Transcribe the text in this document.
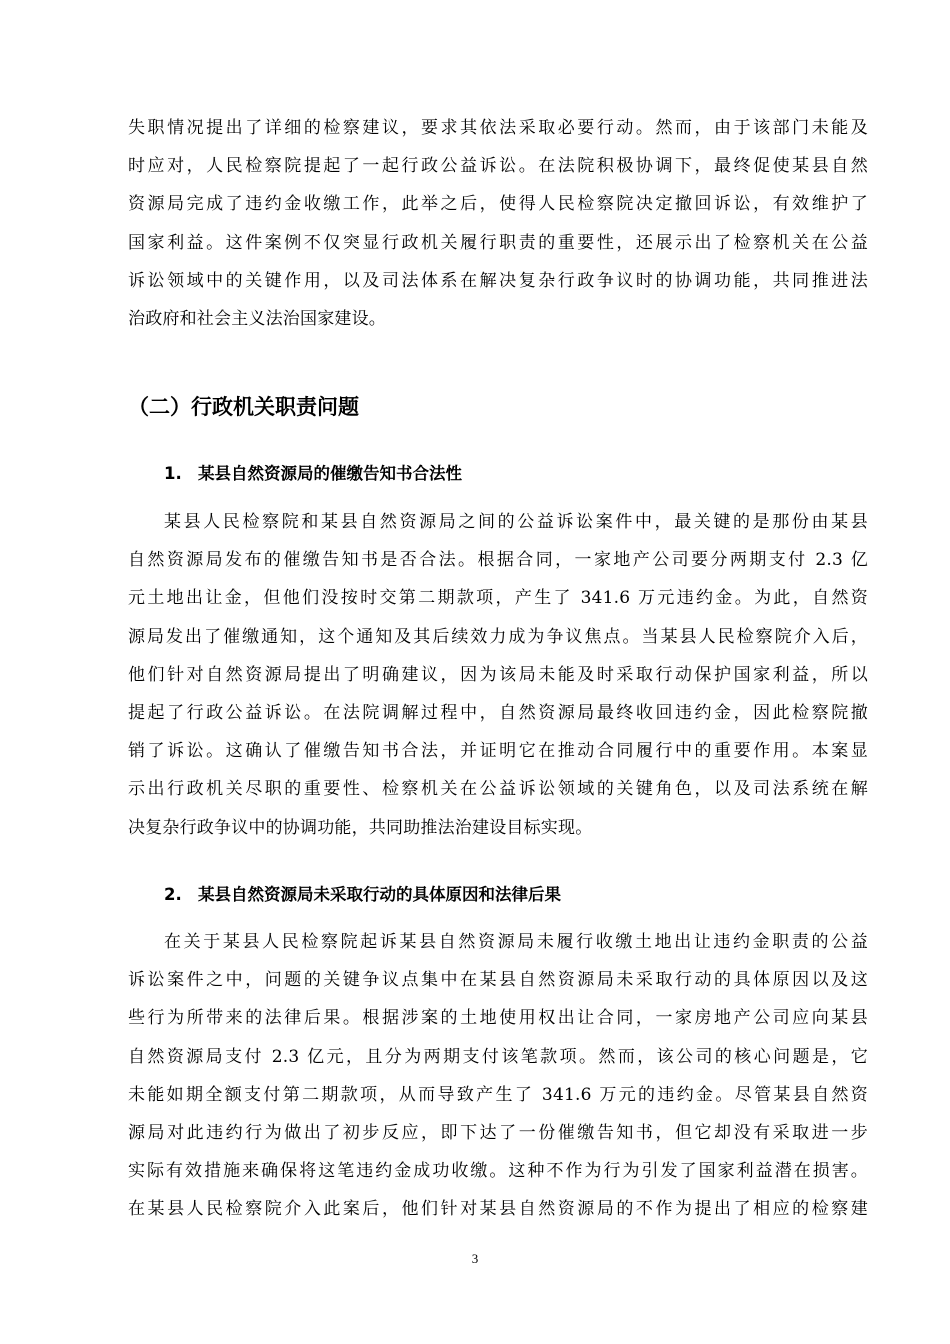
失职情况提出了详细的检察建议，要求其依法采取必要行动。然而，由于该部门未能及
时应对，人民检察院提起了一起行政公益诉讼。在法院积极协调下，最终促使某县自然
资源局完成了违约金收缴工作，此举之后，使得人民检察院决定撤回诉讼，有效维护了
国家利益。这件案例不仅突显行政机关履行职责的重要性，还展示出了检察机关在公益
诉讼领域中的关键作用，以及司法体系在解决复杂行政争议时的协调功能，共同推进法
治政府和社会主义法治国家建设。
（二）行政机关职责问题
1. 某县自然资源局的催缴告知书合法性
某县人民检察院和某县自然资源局之间的公益诉讼案件中，最关键的是那份由某县
自然资源局发布的催缴告知书是否合法。根据合同，一家地产公司要分两期支付 2.3 亿
元土地出让金，但他们没按时交第二期款项，产生了 341.6 万元违约金。为此，自然资
源局发出了催缴通知，这个通知及其后续效力成为争议焦点。当某县人民检察院介入后，
他们针对自然资源局提出了明确建议，因为该局未能及时采取行动保护国家利益，所以
提起了行政公益诉讼。在法院调解过程中，自然资源局最终收回违约金，因此检察院撤
销了诉讼。这确认了催缴告知书合法，并证明它在推动合同履行中的重要作用。本案显
示出行政机关尽职的重要性、检察机关在公益诉讼领域的关键角色，以及司法系统在解
决复杂行政争议中的协调功能，共同助推法治建设目标实现。
2. 某县自然资源局未采取行动的具体原因和法律后果
在关于某县人民检察院起诉某县自然资源局未履行收缴土地出让违约金职责的公益
诉讼案件之中，问题的关键争议点集中在某县自然资源局未采取行动的具体原因以及这
些行为所带来的法律后果。根据涉案的土地使用权出让合同，一家房地产公司应向某县
自然资源局支付 2.3 亿元，且分为两期支付该笔款项。然而，该公司的核心问题是，它
未能如期全额支付第二期款项，从而导致产生了 341.6 万元的违约金。尽管某县自然资
源局对此违约行为做出了初步反应，即下达了一份催缴告知书，但它却没有采取进一步
实际有效措施来确保将这笔违约金成功收缴。这种不作为行为引发了国家利益潜在损害。
在某县人民检察院介入此案后，他们针对某县自然资源局的不作为提出了相应的检察建
3
